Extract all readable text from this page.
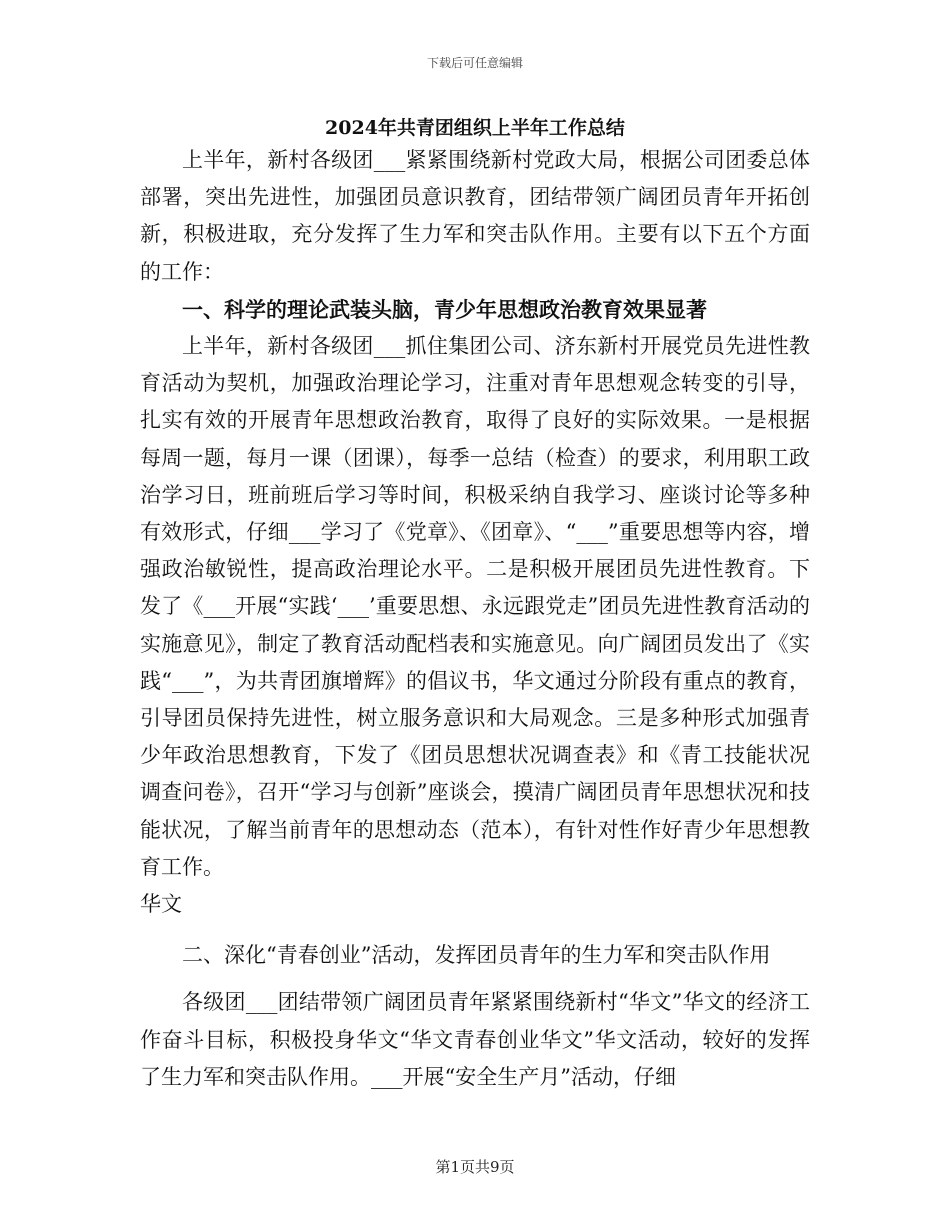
下载后可任意编辑
2024年共青团组织上半年工作总结

上半年，新村各级团___紧紧围绕新村党政大局，根据公司团委总体部署，突出先进性，加强团员意识教育，团结带领广阔团员青年开拓创新，积极进取，充分发挥了生力军和突击队作用。主要有以下五个方面的工作：

一、科学的理论武装头脑，青少年思想政治教育效果显著

上半年，新村各级团___抓住集团公司、济东新村开展党员先进性教育活动为契机，加强政治理论学习，注重对青年思想观念转变的引导，扎实有效的开展青年思想政治教育，取得了良好的实际效果。一是根据每周一题，每月一课（团课），每季一总结（检查）的要求，利用职工政治学习日，班前班后学习等时间，积极采纳自我学习、座谈讨论等多种有效形式，仔细___学习了《党章》、《团章》、“___”重要思想等内容，增强政治敏锐性，提高政治理论水平。二是积极开展团员先进性教育。下发了《___开展“实践‘___’重要思想、永远跟党走”团员先进性教育活动的实施意见》，制定了教育活动配档表和实施意见。向广阔团员发出了《实践“___”，为共青团旗增辉》的倡议书，华文通过分阶段有重点的教育，引导团员保持先进性，树立服务意识和大局观念。三是多种形式加强青少年政治思想教育，下发了《团员思想状况调查表》和《青工技能状况调查问卷》，召开“学习与创新”座谈会，摸清广阔团员青年思想状况和技能状况，了解当前青年的思想动态（范本），有针对性作好青少年思想教育工作。

华文

二、深化“青春创业”活动，发挥团员青年的生力军和突击队作用

各级团___团结带领广阔团员青年紧紧围绕新村“华文”华文的经济工作奋斗目标，积极投身华文“华文青春创业华文”华文活动，较好的发挥了生力军和突击队作用。___开展“安全生产月”活动，仔细

第1页共9页
